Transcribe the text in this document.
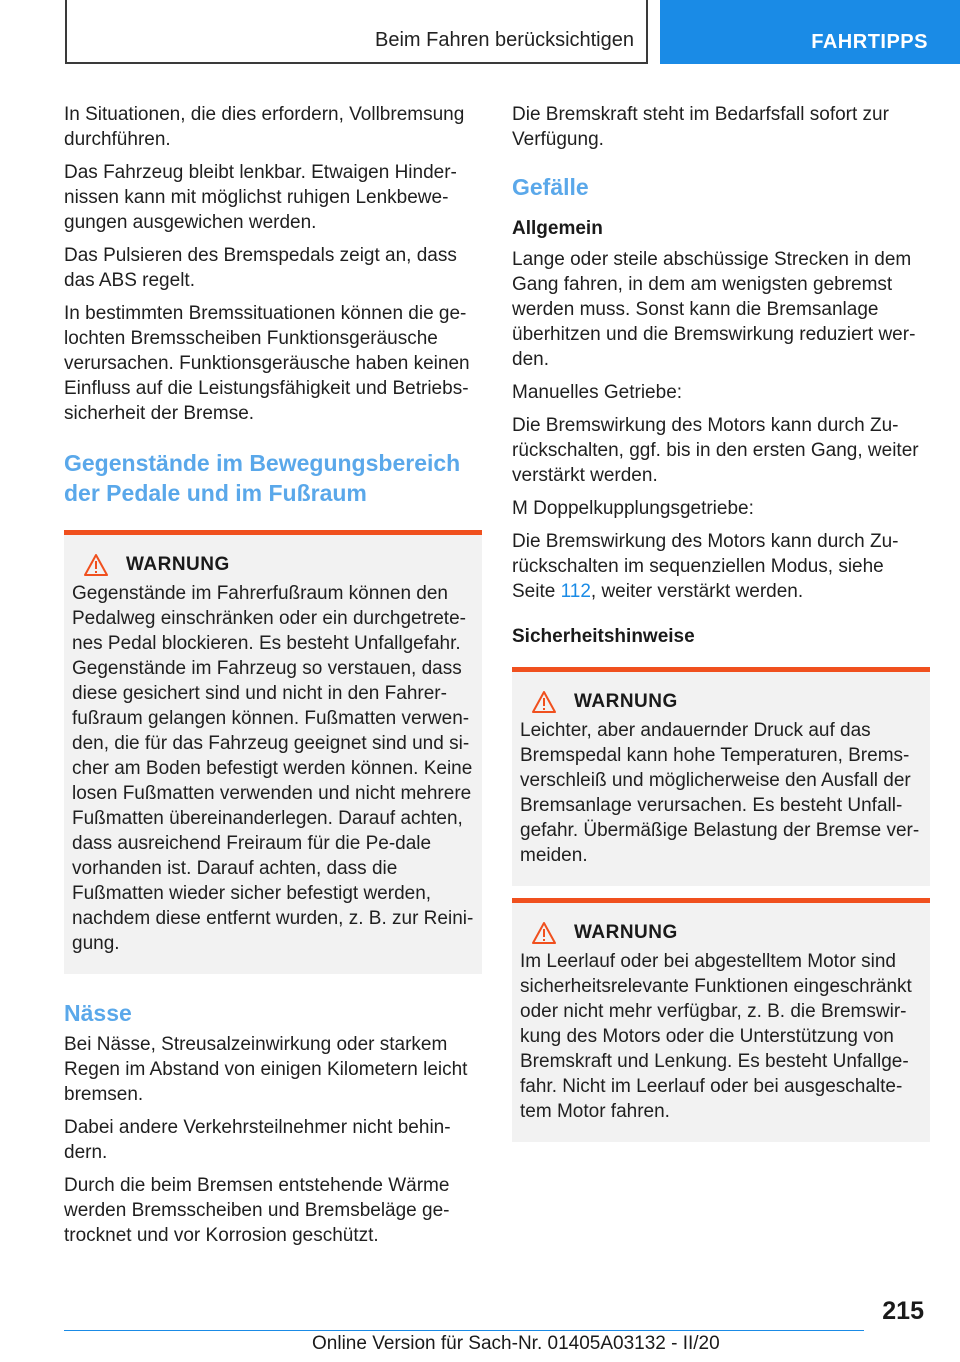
Beim Fahren berücksichtigen	FAHRTIPPS

In Situationen, die dies erfordern, Vollbremsung durchführen.

Das Fahrzeug bleibt lenkbar. Etwaigen Hinder-nissen kann mit möglichst ruhigen Lenkbewe-gungen ausgewichen werden.

Das Pulsieren des Bremspedals zeigt an, dass das ABS regelt.

In bestimmten Bremssituationen können die ge-lochten Bremsscheiben Funktionsgeräusche verursachen. Funktionsgeräusche haben keinen Einfluss auf die Leistungsfähigkeit und Betriebs-sicherheit der Bremse.

Gegenstände im Bewegungsbereich der Pedale und im Fußraum
WARNUNG

Gegenstände im Fahrerfußraum können den Pedalweg einschränken oder ein durchgetrete-nes Pedal blockieren. Es besteht Unfallgefahr. Gegenstände im Fahrzeug so verstauen, dass diese gesichert sind und nicht in den Fahrer-fußraum gelangen können. Fußmatten verwen-den, die für das Fahrzeug geeignet sind und si-cher am Boden befestigt werden können. Keine losen Fußmatten verwenden und nicht mehrere Fußmatten übereinanderlegen. Darauf achten, dass ausreichend Freiraum für die Pe-dale vorhanden ist. Darauf achten, dass die Fußmatten wieder sicher befestigt werden, nachdem diese entfernt wurden, z. B. zur Reini-gung.

Nässe

Bei Nässe, Streusalzeinwirkung oder starkem Regen im Abstand von einigen Kilometern leicht bremsen.

Dabei andere Verkehrsteilnehmer nicht behin-dern.

Durch die beim Bremsen entstehende Wärme werden Bremsscheiben und Bremsbeläge ge-trocknet und vor Korrosion geschützt.

Die Bremskraft steht im Bedarfsfall sofort zur Verfügung.

Gefälle
Allgemein

Lange oder steile abschüssige Strecken in dem Gang fahren, in dem am wenigsten gebremst werden muss. Sonst kann die Bremsanlage überhitzen und die Bremswirkung reduziert wer-den.

Manuelles Getriebe:

Die Bremswirkung des Motors kann durch Zu-rückschalten, ggf. bis in den ersten Gang, weiter verstärkt werden.

M Doppelkupplungsgetriebe:

Die Bremswirkung des Motors kann durch Zu-rückschalten im sequenziellen Modus, siehe Seite 112, weiter verstärkt werden.

Sicherheitshinweise
WARNUNG

Leichter, aber andauernder Druck auf das Bremspedal kann hohe Temperaturen, Brems-verschleiß und möglicherweise den Ausfall der Bremsanlage verursachen. Es besteht Unfall-gefahr. Übermäßige Belastung der Bremse ver-meiden.

WARNUNG

Im Leerlauf oder bei abgestelltem Motor sind sicherheitsrelevante Funktionen eingeschränkt oder nicht mehr verfügbar, z. B. die Bremswir-kung des Motors oder die Unterstützung von Bremskraft und Lenkung. Es besteht Unfallge-fahr. Nicht im Leerlauf oder bei ausgeschalte-tem Motor fahren.

215
Online Version für Sach-Nr. 01405A03132 - II/20
